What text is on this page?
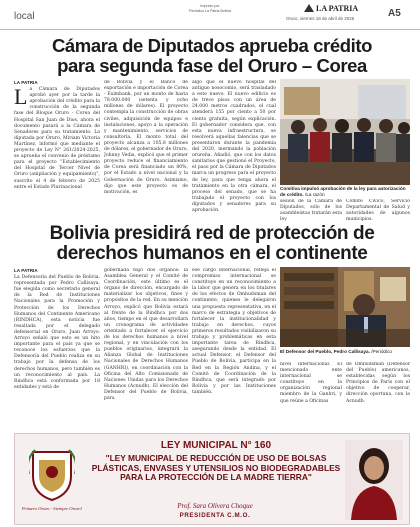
local
Impreso por
Periódico La Patria Bolivia	LA PATRIA
Oruro, viernes 18 de abril de 2025	A5
Cámara de Diputados aprueba crédito
para segunda fase del Oruro – Corea
LA PATRIA
L a Cámara de Diputados aprobó ayer por la tarde la aprobación del crédito para la construcción de la segunda fase del Bloque Oruro - Corea del Hospital San Juan de Dios, ahora el documento pasará a la Cámara de Senadores para su tratamiento. La diputada por Oruro, Miriam Victoria Martínez, informó que mediante el proyecto de Ley N° 261/2024-2025, se aprueba el convenio de préstamo para el proyecto "Establecimiento del Hospital de Tercer Nivel de Oruro (ampliación y equipamiento)", suscrito el 4 de febrero de 2025 entre el Estado Plurinacional
de Bolivia y el Banco de exportación e importación de Corea - Eximbank, por un monto de hasta 78.000.000 (setenta y ocho millones de dólares). El proyecto contempla la construcción de obras civiles, adquisición de equipos e instalaciones, apoyo a la operación y mantenimiento, servicios de consultoría. El monto total del proyecto alcanza a 105.8 millones de dólares, el gobernador de Oruro, Johnny Vedia, explicó que el primer proyecto reduce el financiamiento de Corea será financiado un 80%, por el Estado a nivel nacional y la Gobernación de Oruro. Asimismo, dijo que este proyecto es de motivación, es
algo que el nuevo hospital del antiguo nosocomio, será trasladado a este nuevo. El nuevo edificio es de trece pisos con un área de 24.000 metros cuadrados, el cual atenderá 155 por ciento a 50 por ciento gratuita, según explicación. El gobernador considera que, con esta nueva infraestructura, se resolverá aquellas falencias que se presentaron durante la pandemia del 2020, mermando la población orureña. Añadió, que con los datos sanitarios que gestionó el Proyecto, el paso por la Cámara de Diputados marca un progreso para el proyecto de ley, para que tenga ahora el tratamiento en la otra cámara, el proceso del senado, que se ha trabajado el proyecto con los diputados y senadores para su aprobación.
Comitiva impulsó aprobación de la ley para autorización de crédito. /La razón
sesión de la Cámara de Diputados, sólo de los asambleístas tratarán esta ley
Comité Cívico, Servicio Departamental de Salud y autoridades de algunos municipios.
Bolivia presidirá red de protección de
derechos humanos en el continente
LA PATRIA
La Defensoría del Pueblo de Bolivia, representada por Pedro Callisaya, fue elegida como secretario general de la Red de Instituciones Nacionales para la Promoción y Protección de los Derechos Humanos del Continente Americano (RINDHCA), esta noticia fue resaltada por el delegado defensorial en Oruro, Juan Arroyo. Arroyo señaló que esto es un hito importante para el país ya que se reconoce los esfuerzos que la Defensoría del Pueblo realiza en su trabajo por la defensa de los derechos humanos, pero también es un reconocimiento al país. La Rindhca está conformada por 18 entidades y está de
gobernada bajo dos órganos: la Asamblea General y el Comité de Coordinación, este último es el órgano de dirección, encargado de materializar los objetivos, fines y propósitos de la red. En su mención Arroyo, explicó que Bolivia estará al frente de la Rindhca por dos años, tiempo en el que desarrollará un cronograma de actividades orientado a fortalecer el ejercicio de los derechos humanos a nivel regional, y en vinculación con los pueblos originarios, integrará la Alianza Global de Instituciones Nacionales de Derechos Humanos (GANHRI), en coordinación con la Oficina del Alto Comisionado de Naciones Unidas para los Derechos Humanos (Acnudh). El elección del Defensor del Pueblo de Bolivia, para
ese cargo internacional, refleja el compromiso internacional se constituye en un reconocimiento a la labor que genera en los titulares de los efectos de Ombudsman del continente, quienes le delegaron una propuesta representativa, en el marco de estrategia y objetivos de fortalecer la institucionalidad y trabajo en derechos, cuyos primeros resultados visibilizaron su trabajo y problemáticas en esta importante tarea de Rindhca, asegurando desde la entidad. El actual Defensor, el Defensor del Pueblo de Bolivia, participa en la Red en la Región Andina, y el Comité de Coordinación de la Rindhca, que será integrado por Bolivia y por las Instituciones también.
El Defensor del Pueblo, Pedro Callisaya. /Periódico
nivel internacional. El mencionado ente internacional se constituye en la organización regional miembro de la Ganhri, y que reúne a Oficinas
de Ombudsman (Defensor del Pueblo) americanos, establecidas según los Principios de París con el objetivo de cooperar, dirección oportuna, con la Acnudh.
Primero Oruro - Siempre Oruro!
LEY MUNICIPAL N° 160
"LEY MUNICIPAL DE REDUCCIÓN DE USO DE BOLSAS PLÁSTICAS, ENVASES Y UTENSILIOS NO BIODEGRADABLES PARA LA PROTECCIÓN DE LA MADRE TIERRA"
Prof. Sara Olivera Choque
PRESIDENTA C.M.O.
